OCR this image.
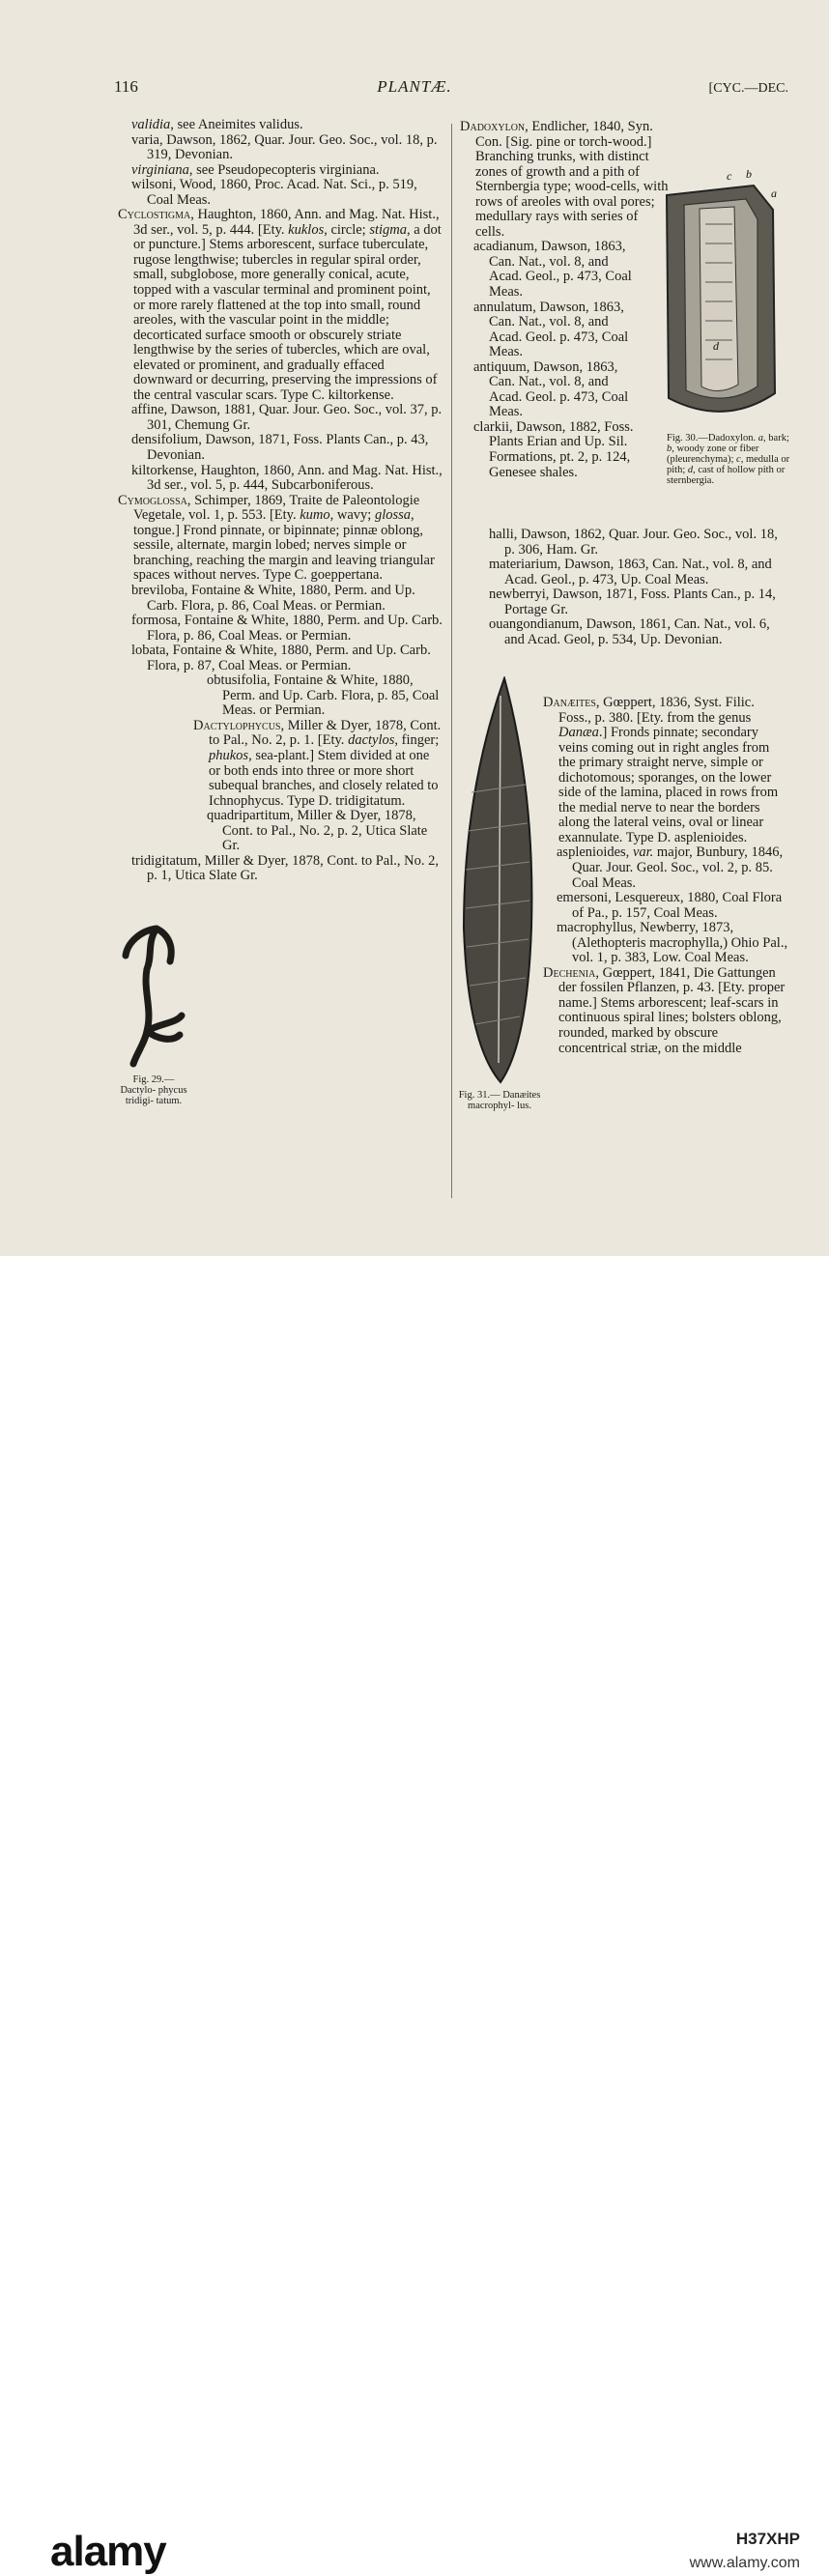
116	PLANTÆ.	[CYC.—DEC.

validia, see Aneimites validus.

varia, Dawson, 1862, Quar. Jour. Geo. Soc., vol. 18, p. 319, Devonian.

virginiana, see Pseudopecopteris virginiana.

wilsoni, Wood, 1860, Proc. Acad. Nat. Sci., p. 519, Coal Meas.

Cyclostigma, Haughton, 1860, Ann. and Mag. Nat. Hist., 3d ser., vol. 5, p. 444. [Ety. kuklos, circle; stigma, a dot or puncture.] Stems arborescent, surface tuberculate, rugose lengthwise; tubercles in regular spiral order, small, subglobose, more generally conical, acute, topped with a vascular terminal and prominent point, or more rarely flattened at the top into small, round areoles, with the vascular point in the middle; decorticated surface smooth or obscurely striate lengthwise by the series of tubercles, which are oval, elevated or prominent, and gradually effaced downward or decurring, preserving the impressions of the central vascular scars. Type C. kiltorkense.

affine, Dawson, 1881, Quar. Jour. Geo. Soc., vol. 37, p. 301, Chemung Gr.

densifolium, Dawson, 1871, Foss. Plants Can., p. 43, Devonian.

kiltorkense, Haughton, 1860, Ann. and Mag. Nat. Hist., 3d ser., vol. 5, p. 444, Subcarboniferous.

Cymoglossa, Schimper, 1869, Traite de Paleontologie Vegetale, vol. 1, p. 553. [Ety. kumo, wavy; glossa, tongue.] Frond pinnate, or bipinnate; pinnæ oblong, sessile, alternate, margin lobed; nerves simple or branching, reaching the margin and leaving triangular spaces without nerves. Type C. goeppertana.

breviloba, Fontaine & White, 1880, Perm. and Up. Carb. Flora, p. 86, Coal Meas. or Permian.

formosa, Fontaine & White, 1880, Perm. and Up. Carb. Flora, p. 86, Coal Meas. or Permian.

lobata, Fontaine & White, 1880, Perm. and Up. Carb. Flora, p. 87, Coal Meas. or Permian.

obtusifolia, Fontaine & White, 1880, Perm. and Up. Carb. Flora, p. 85, Coal Meas. or Permian.

Dactylophycus, Miller & Dyer, 1878, Cont. to Pal., No. 2, p. 1. [Ety. dactylos, finger; phukos, sea-plant.] Stem divided at one or both ends into three or more short subequal branches, and closely related to Ichnophycus. Type D. tridigitatum.

quadripartitum, Miller & Dyer, 1878, Cont. to Pal., No. 2, p. 2, Utica Slate Gr.

tridigitatum, Miller & Dyer, 1878, Cont. to Pal., No. 2, p. 1, Utica Slate Gr.

Dadoxylon, Endlicher, 1840, Syn. Con. [Sig. pine or torch-wood.] Branching trunks, with distinct zones of growth and a pith of Sternbergia type; wood-cells, with rows of areoles with oval pores; medullary rays with series of cells.

acadianum, Dawson, 1863, Can. Nat., vol. 8, and Acad. Geol., p. 473, Coal Meas.

annulatum, Dawson, 1863, Can. Nat., vol. 8, and Acad. Geol. p. 473, Coal Meas.

antiquum, Dawson, 1863, Can. Nat., vol. 8, and Acad. Geol. p. 473, Coal Meas.

clarkii, Dawson, 1882, Foss. Plants Erian and Up. Sil. Formations, pt. 2, p. 124, Genesee shales.

halli, Dawson, 1862, Quar. Jour. Geo. Soc., vol. 18, p. 306, Ham. Gr.

materiarium, Dawson, 1863, Can. Nat., vol. 8, and Acad. Geol., p. 473, Up. Coal Meas.

newberryi, Dawson, 1871, Foss. Plants Can., p. 14, Portage Gr.

ouangondianum, Dawson, 1861, Can. Nat., vol. 6, and Acad. Geol, p. 534, Up. Devonian.

Danæites, Gœppert, 1836, Syst. Filic. Foss., p. 380. [Ety. from the genus Danæa.] Fronds pinnate; secondary veins coming out in right angles from the primary straight nerve, simple or dichotomous; sporanges, on the lower side of the lamina, placed in rows from the medial nerve to near the borders along the lateral veins, oval or linear exannulate. Type D. asplenioides.

asplenioides, var. major, Bunbury, 1846, Quar. Jour. Geol. Soc., vol. 2, p. 85. Coal Meas.

emersoni, Lesquereux, 1880, Coal Flora of Pa., p. 157, Coal Meas.

macrophyllus, Newberry, 1873, (Alethopteris macrophylla,) Ohio Pal., vol. 1, p. 383, Low. Coal Meas.

Dechenia, Gœppert, 1841, Die Gattungen der fossilen Pflanzen, p. 43. [Ety. proper name.] Stems arborescent; leaf-scars in continuous spiral lines; bolsters oblong, rounded, marked by obscure concentrical striæ, on the middle

c b
a
d
Fig. 30.—Dadoxylon. a, bark; b, woody zone or fiber (pleurenchyma); c, medulla or pith; d, cast of hollow pith or sternbergia.
Fig. 31.— Danæites macrophyl- lus.
Fig. 29.— Dactylo- phycus tridigi- tatum.
alamy	H37XHP
www.alamy.com
